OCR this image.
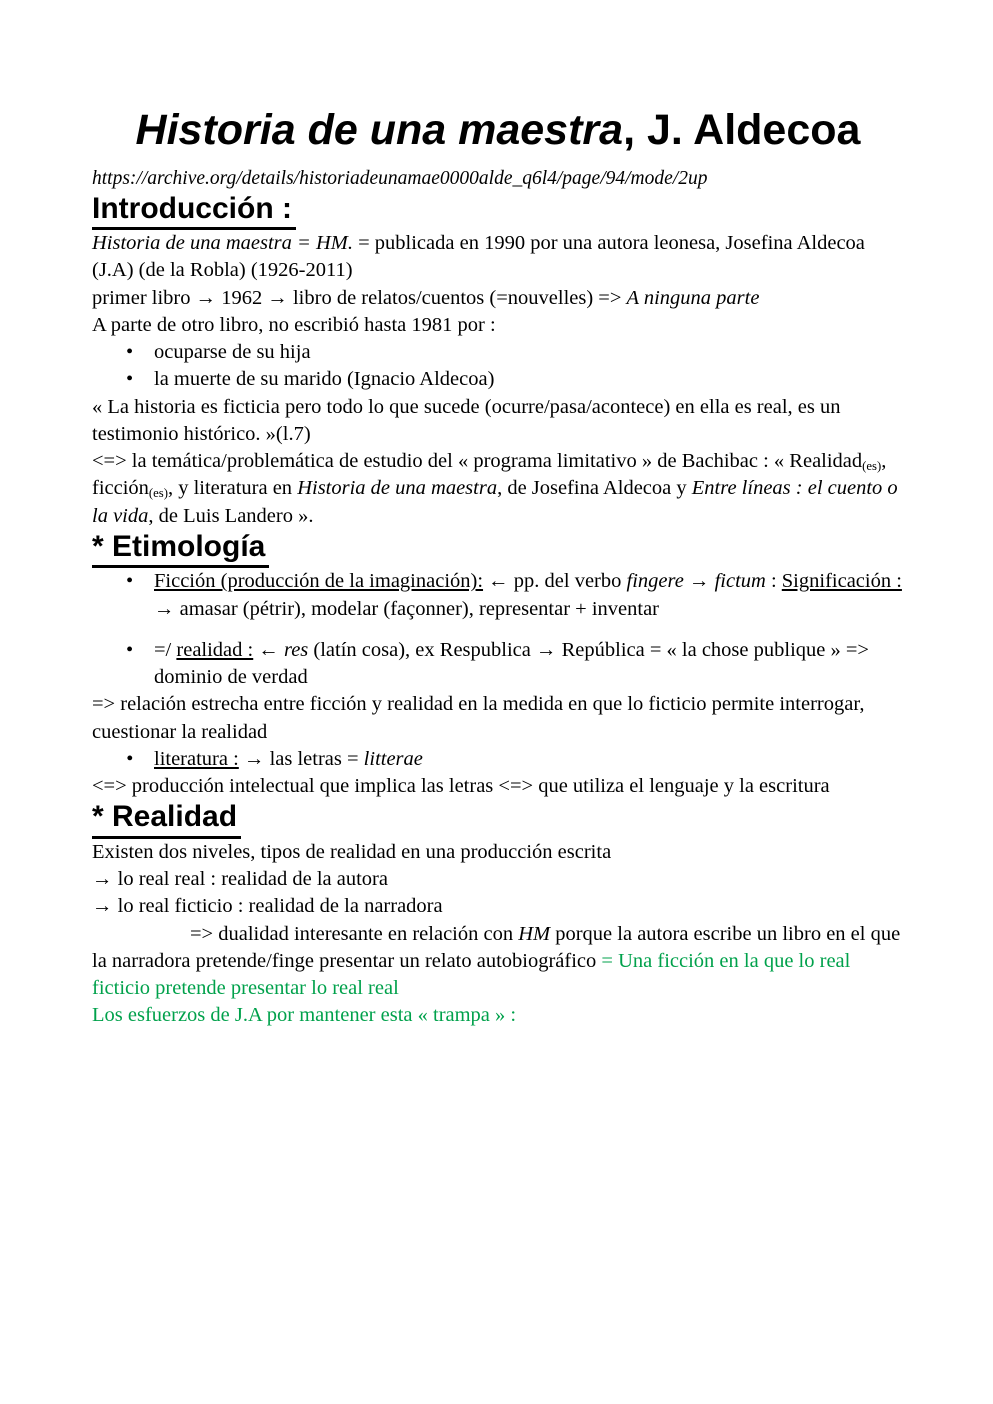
Historia de una maestra, J. Aldecoa

https://archive.org/details/historiadeunamae0000alde_q6l4/page/94/mode/2up

Introducción :

Historia de una maestra = HM. = publicada en 1990 por una autora leonesa, Josefina Aldecoa (J.A) (de la Robla) (1926-2011)

primer libro → 1962 → libro de relatos/cuentos (=nouvelles) => A ninguna parte

A parte de otro libro, no escribió hasta 1981 por :

• ocuparse de su hija
• la muerte de su marido (Ignacio Aldecoa)

« La historia es ficticia pero todo lo que sucede (ocurre/pasa/acontece) en ella es real, es un testimonio histórico. »(l.7)

<=> la temática/problemática de estudio del « programa limitativo » de Bachibac : « Realidad$_{(es)}$, ficción$_{(es)}$, y literatura en Historia de una maestra, de Josefina Aldecoa y Entre líneas : el cuento o la vida, de Luis Landero ».

* Etimología
• Ficción (producción de la imaginación): ← pp. del verbo fingere → fictum : Significación :
→ amasar (pétrir), modelar (façonner), representar + inventar
• =/ realidad : ← res (latín cosa), ex Respublica → República = « la chose publique » => dominio de verdad

=> relación estrecha entre ficción y realidad en la medida en que lo ficticio permite interrogar, cuestionar la realidad

• literatura : → las letras = litterae

<=> producción intelectual que implica las letras <=> que utiliza el lenguaje y la escritura

* Realidad

Existen dos niveles, tipos de realidad en una producción escrita

→ lo real real : realidad de la autora

→ lo real ficticio : realidad de la narradora

=> dualidad interesante en relación con HM porque la autora escribe un libro en el que la narradora pretende/finge presentar un relato autobiográfico = Una ficción en la que lo real ficticio pretende presentar lo real real

Los esfuerzos de J.A por mantener esta « trampa » :
